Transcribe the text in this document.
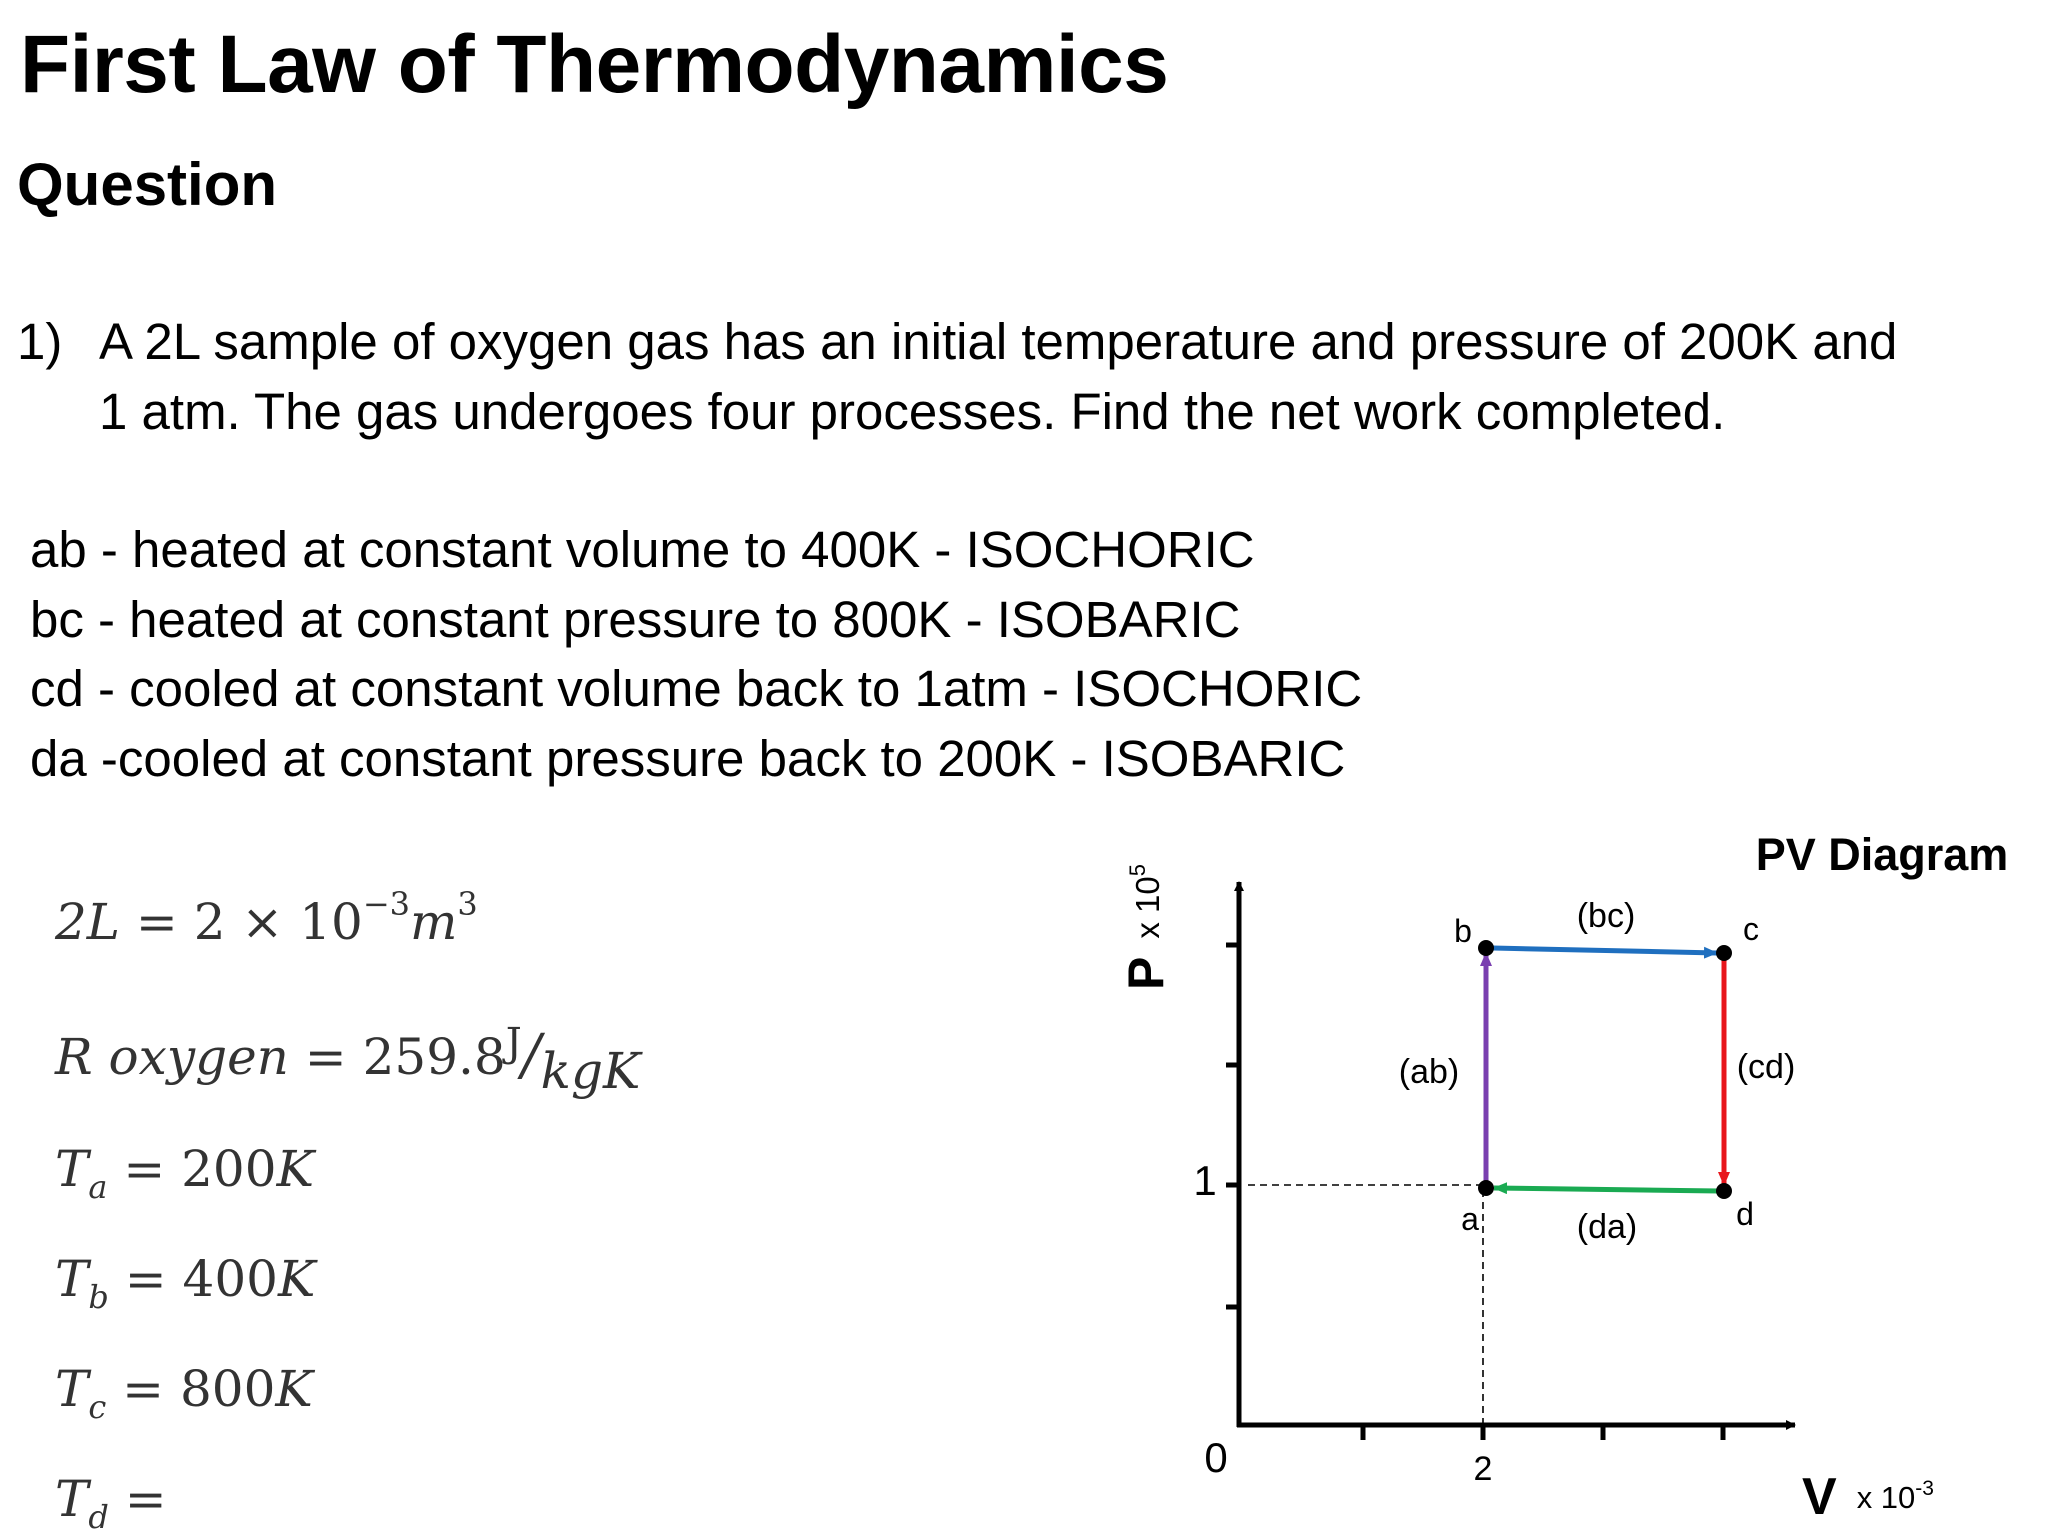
First Law of Thermodynamics
Question
1) A 2L sample of oxygen gas has an initial temperature and pressure of 200K and
1 atm. The gas undergoes four processes. Find the net work completed.
ab - heated at constant volume to 400K - ISOCHORIC
bc - heated at constant pressure to 800K - ISOBARIC
cd - cooled at constant volume back to 1atm - ISOCHORIC
da -cooled at constant pressure back to 200K - ISOBARIC
$2L = 2 \times 10^{-3}m^3$
R oxygen = $259.8^J$/kgK
$T_a = 200K$
$T_b = 400K$
$T_c = 800K$
$T_d$ =
PV Diagram
1
0	2
Px 105
Vx 10-3
a
b	c
d
(ab)
(bc)
(cd)
(da)
